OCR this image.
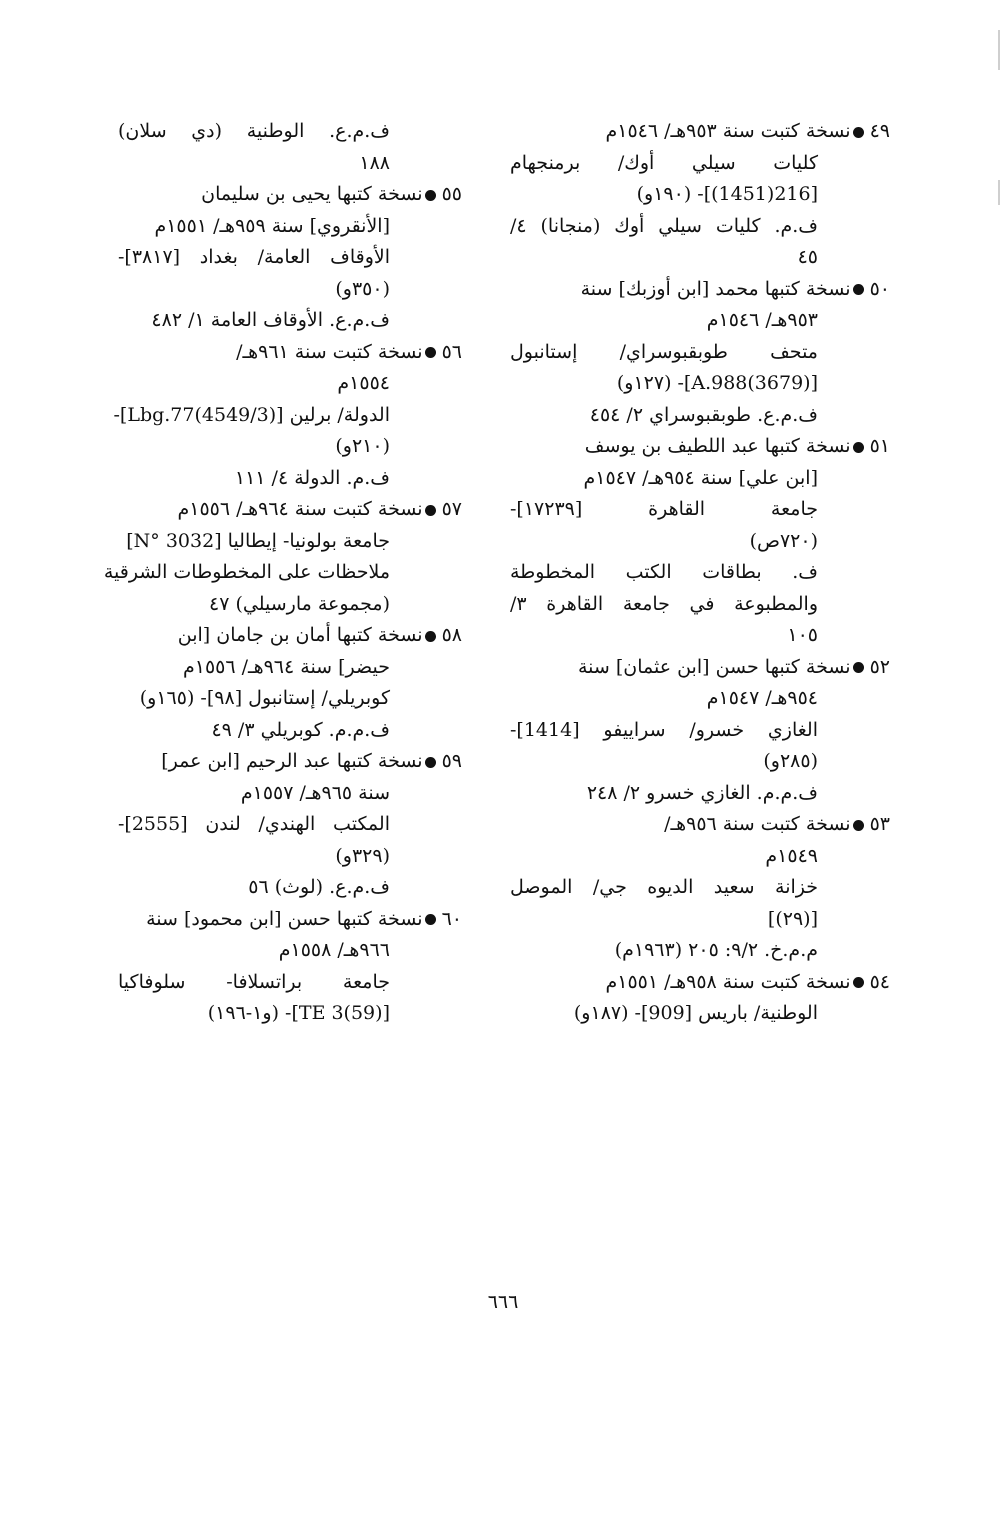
٤٩نسخة كتبت سنة ٩٥٣هـ/ ١٥٤٦م
كليات سيلي أوك/ برمنجهام
[216(1451)]- (١٩٠و)
ف.م. كليات سيلي أوك (منجانا) ٤/
٤٥
٥٠نسخة كتبها محمد [ابن أوزبك] سنة
٩٥٣هـ/ ١٥٤٦م
متحف طوبقبوسراي/ إستانبول
[A.988(3679)]- (١٢٧و)
ف.م.ع. طوبقبوسراي ٢/ ٤٥٤
٥١نسخة كتبها عبد اللطيف بن يوسف
[ابن علي] سنة ٩٥٤هـ/ ١٥٤٧م
جامعة القاهرة [١٧٢٣٩]-
(٧٢٠ص)
ف. بطاقات الكتب المخطوطة
والمطبوعة في جامعة القاهرة ٣/
١٠٥
٥٢نسخة كتبها حسن [ابن عثمان] سنة
٩٥٤هـ/ ١٥٤٧م
الغازي خسرو/ سراييفو [1414]-
(٢٨٥و)
ف.م.م. الغازي خسرو ٢/ ٢٤٨
٥٣نسخة كتبت سنة ٩٥٦هـ/
١٥٤٩م
خزانة سعيد الديوه جي/ الموصل
[(٢٩)]
م.م.خ. ٩/٢: ٢٠٥ (١٩٦٣م)
٥٤نسخة كتبت سنة ٩٥٨هـ/ ١٥٥١م
الوطنية/ باريس [909]- (١٨٧و)
ف.م.ع. الوطنية (دي سلان)
١٨٨
٥٥نسخة كتبها يحيى بن سليمان
[الأنقروي] سنة ٩٥٩هـ/ ١٥٥١م
الأوقاف العامة/ بغداد [٣٨١٧]-
(٣٥٠و)
ف.م.ع. الأوقاف العامة ١/ ٤٨٢
٥٦نسخة كتبت سنة ٩٦١هـ/
١٥٥٤م
الدولة/ برلين [Lbg.77(4549/3)]-
(٢١٠و)
ف.م. الدولة ٤/ ١١١
٥٧نسخة كتبت سنة ٩٦٤هـ/ ١٥٥٦م
جامعة بولونيا- إيطاليا [N° 3032]
ملاحظات على المخطوطات الشرقية
(مجموعة مارسيلي) ٤٧
٥٨نسخة كتبها أمان بن جامان [ابن
حيضر] سنة ٩٦٤هـ/ ١٥٥٦م
كوبريلي/ إستانبول [٩٨]- (١٦٥و)
ف.م.م. كوبريلي ٣/ ٤٩
٥٩نسخة كتبها عبد الرحيم [ابن عمر]
سنة ٩٦٥هـ/ ١٥٥٧م
المكتب الهندي/ لندن [2555]-
(٣٢٩و)
ف.م.ع. (لوث) ٥٦
٦٠نسخة كتبها حسن [ابن محمود] سنة
٩٦٦هـ/ ١٥٥٨م
جامعة براتسلافا- سلوفاكيا
[TE 3(59)]- (و١-١٩٦)
٦٦٦
